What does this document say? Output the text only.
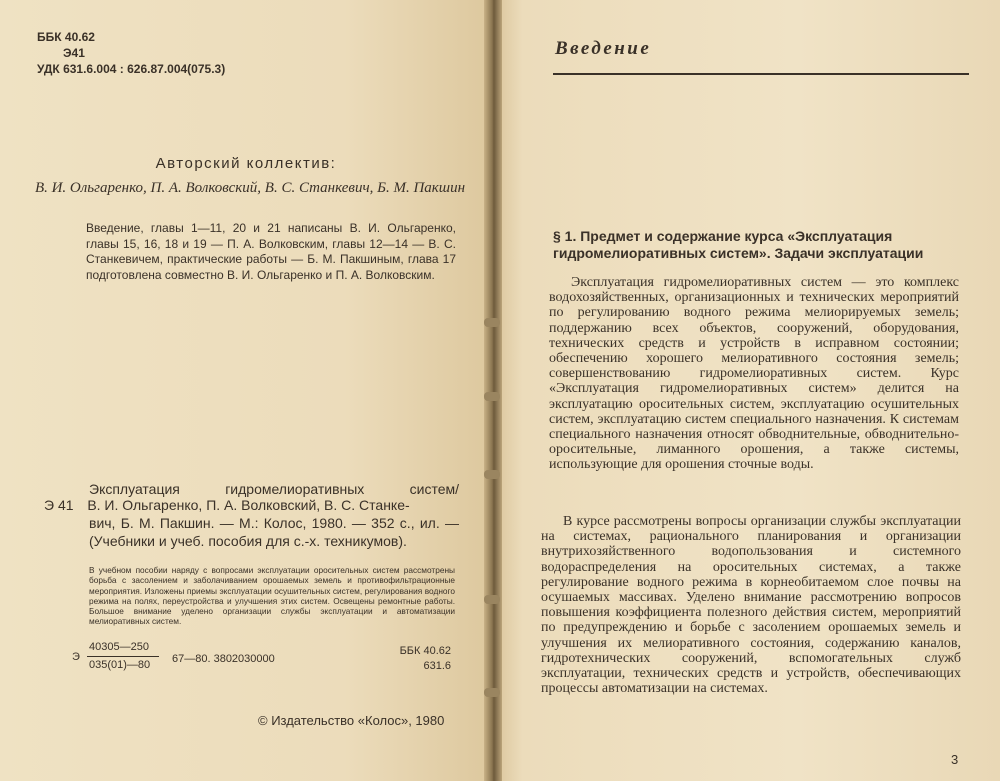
ББК 40.62
Э41
УДК 631.6.004 : 626.87.004(075.3)
Авторский коллектив:
В. И. Ольгаренко, П. А. Волковский, В. С. Станкевич, Б. М. Пакшин
Введение, главы 1—11, 20 и 21 написаны В. И. Ольгаренко, главы 15, 16, 18 и 19 — П. А. Волковским, главы 12—14 — В. С. Станкевичем, практические работы — Б. М. Пакшиным, глава 17 подготовлена совместно В. И. Ольгаренко и П. А. Волковским.
Эксплуатация гидромелиоративных систем/
Э 41 В. И. Ольгаренко, П. А. Волковский, В. С. Станке-
вич, Б. М. Пакшин. — М.: Колос, 1980. — 352 с., ил. — (Учебники и учеб. пособия для с.-х. техникумов).
В учебном пособии наряду с вопросами эксплуатации оросительных систем рассмотрены борьба с засолением и заболачиванием орошаемых земель и противофильтрационные мероприятия. Изложены приемы эксплуатации осушительных систем, регулирования водного режима на полях, переустройства и улучшения этих систем. Освещены ремонтные работы. Большое внимание уделено организации службы эксплуатации и автоматизации мелиоративных систем.
Э
40305—250
035(01)—80 67—80. 3802030000
ББК 40.62
631.6
© Издательство «Колос», 1980
Введение
§ 1. Предмет и содержание курса «Эксплуатация гидромелиоративных систем». Задачи эксплуатации
Эксплуатация гидромелиоративных систем — это комплекс водохозяйственных, организационных и технических мероприятий по регулированию водного режима мелиорируемых земель; поддержанию всех объектов, сооружений, оборудования, технических средств и устройств в исправном состоянии; обеспечению хорошего мелиоративного состояния земель; совершенствованию гидромелиоративных систем. Курс «Эксплуатация гидромелиоративных систем» делится на эксплуатацию оросительных систем, эксплуатацию осушительных систем, эксплуатацию систем специального назначения. К системам специального назначения относят обводнительные, обводнительно-оросительные, лиманного орошения, а также системы, использующие для орошения сточные воды.
В курсе рассмотрены вопросы организации службы эксплуатации на системах, рационального планирования и организации внутрихозяйственного водопользования и системного водораспределения на оросительных системах, а также регулирование водного режима в корнеобитаемом слое почвы на осушаемых массивах. Уделено внимание рассмотрению вопросов повышения коэффициента полезного действия систем, мероприятий по предупреждению и борьбе с засолением орошаемых земель и улучшения их мелиоративного состояния, содержанию каналов, гидротехнических сооружений, вспомогательных служб эксплуатации, технических средств и устройств, обеспечивающих процессы автоматизации на системах.
3
